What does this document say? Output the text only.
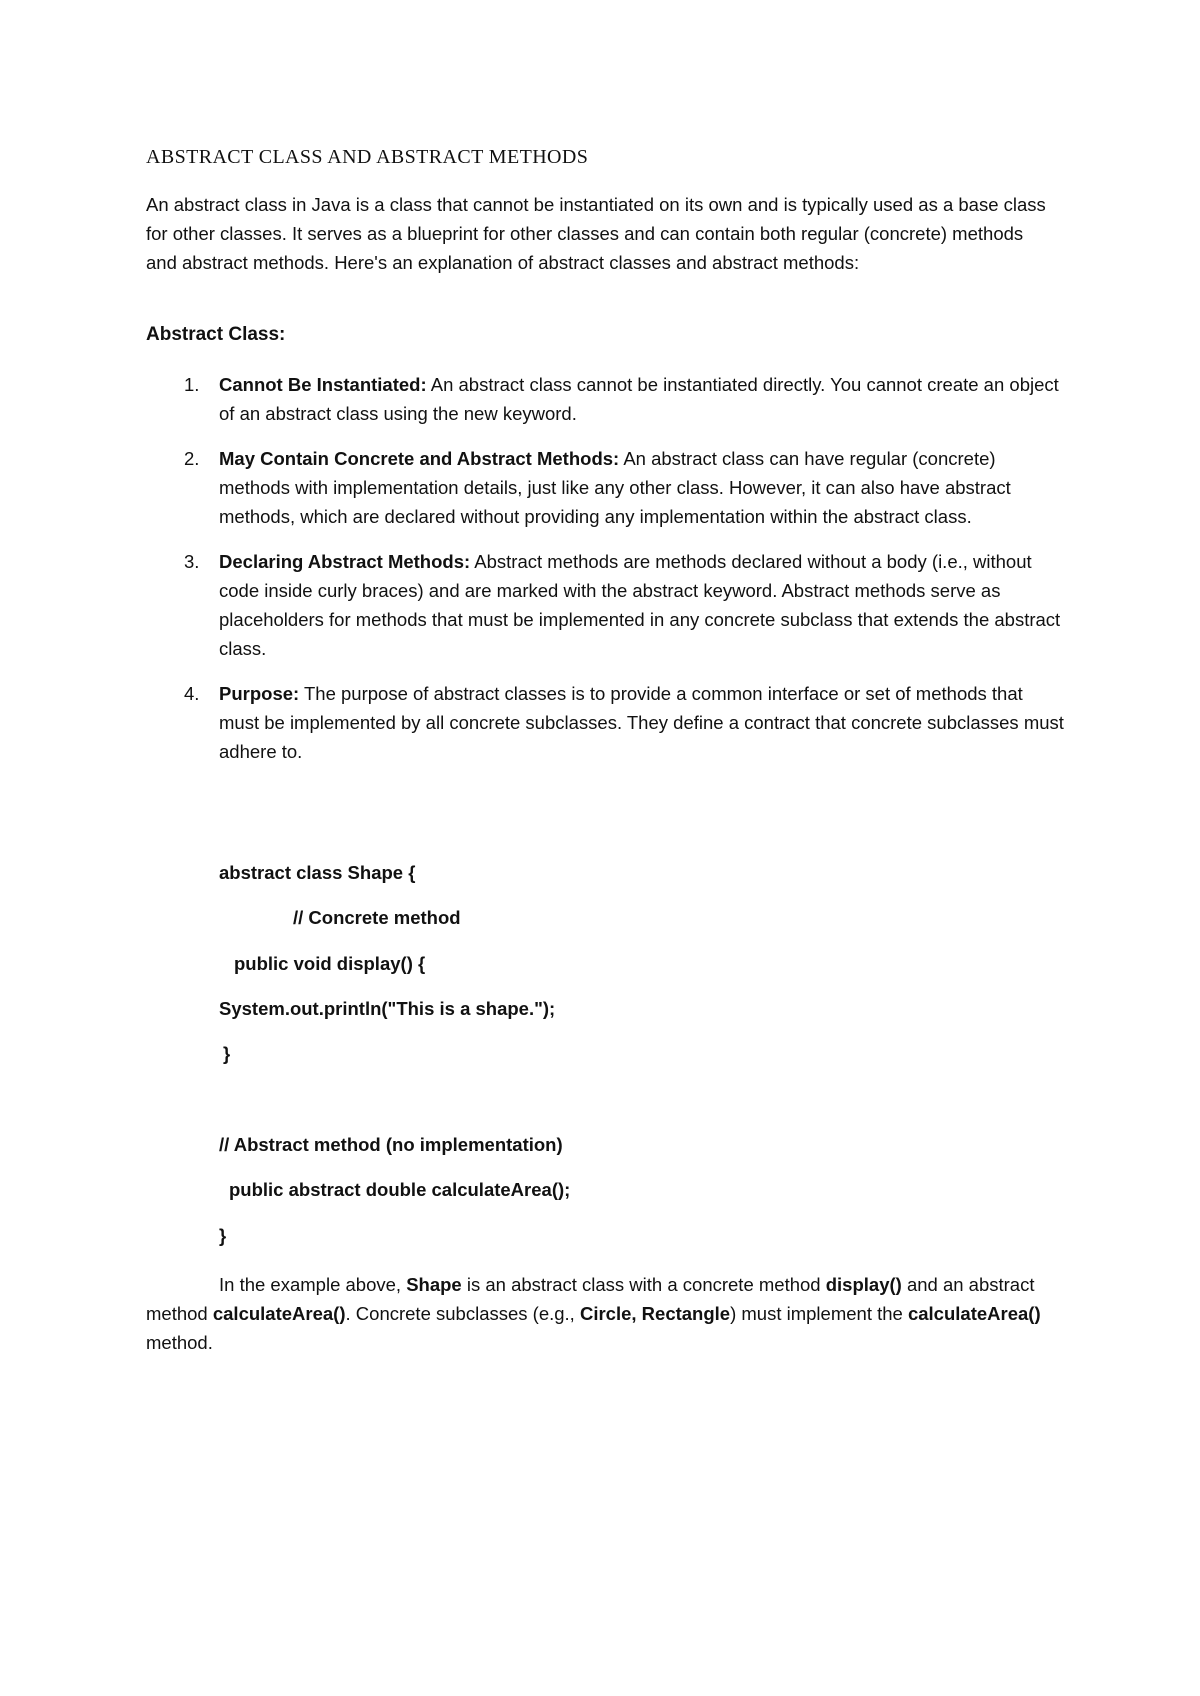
ABSTRACT CLASS AND ABSTRACT METHODS
An abstract class in Java is a class that cannot be instantiated on its own and is typically used as a base class for other classes. It serves as a blueprint for other classes and can contain both regular (concrete) methods and abstract methods. Here's an explanation of abstract classes and abstract methods:
Abstract Class:
1.	Cannot Be Instantiated: An abstract class cannot be instantiated directly. You cannot create an object of an abstract class using the new keyword.
2.	May Contain Concrete and Abstract Methods: An abstract class can have regular (concrete) methods with implementation details, just like any other class. However, it can also have abstract methods, which are declared without providing any implementation within the abstract class.
3.	Declaring Abstract Methods: Abstract methods are methods declared without a body (i.e., without code inside curly braces) and are marked with the abstract keyword. Abstract methods serve as placeholders for methods that must be implemented in any concrete subclass that extends the abstract class.
4.	Purpose: The purpose of abstract classes is to provide a common interface or set of methods that must be implemented by all concrete subclasses. They define a contract that concrete subclasses must adhere to.
abstract class Shape {
// Concrete method
public void display() {
System.out.println("This is a shape.");
}
// Abstract method (no implementation)
public abstract double calculateArea();
}
In the example above, Shape is an abstract class with a concrete method display() and an abstract method calculateArea(). Concrete subclasses (e.g., Circle, Rectangle) must implement the calculateArea() method.
